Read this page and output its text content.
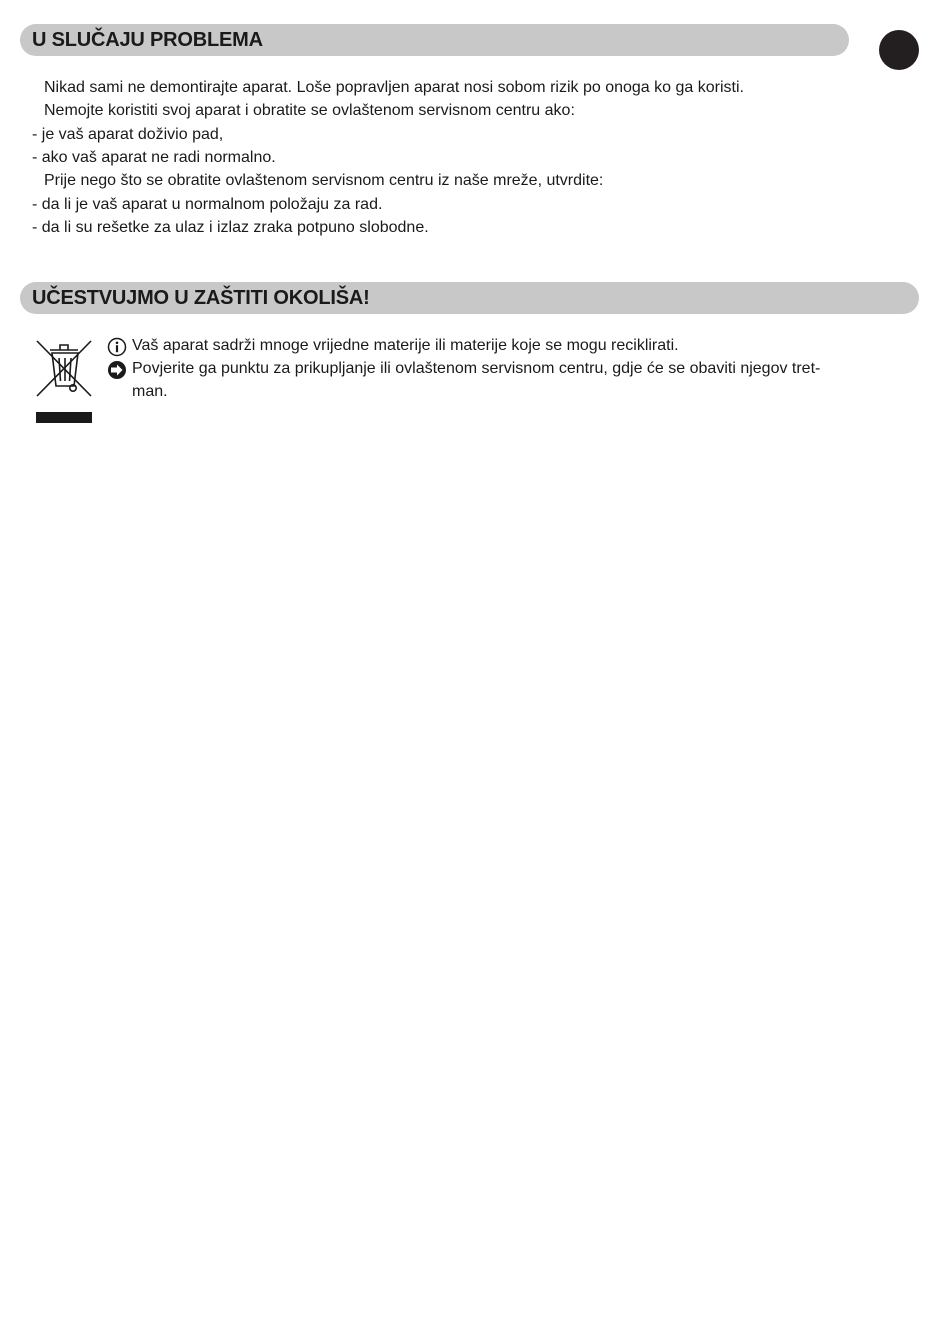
U SLUČAJU PROBLEMA
Nikad sami ne demontirajte aparat. Loše popravljen aparat nosi sobom rizik po onoga ko ga koristi.
Nemojte koristiti svoj aparat i obratite se ovlaštenom servisnom centru ako:
- je vaš aparat doživio pad,
- ako vaš aparat ne radi normalno.
Prije nego što se obratite ovlaštenom servisnom centru iz naše mreže, utvrdite:
- da li je vaš aparat u normalnom položaju za rad.
- da li su rešetke za ulaz i izlaz zraka potpuno slobodne.
UČESTVUJMO U ZAŠTITI OKOLIŠA!
Vaš aparat sadrži mnoge vrijedne materije ili materije koje se mogu reciklirati.
Povjerite ga punktu za prikupljanje ili ovlaštenom servisnom centru, gdje će se obaviti njegov tret-
man.
